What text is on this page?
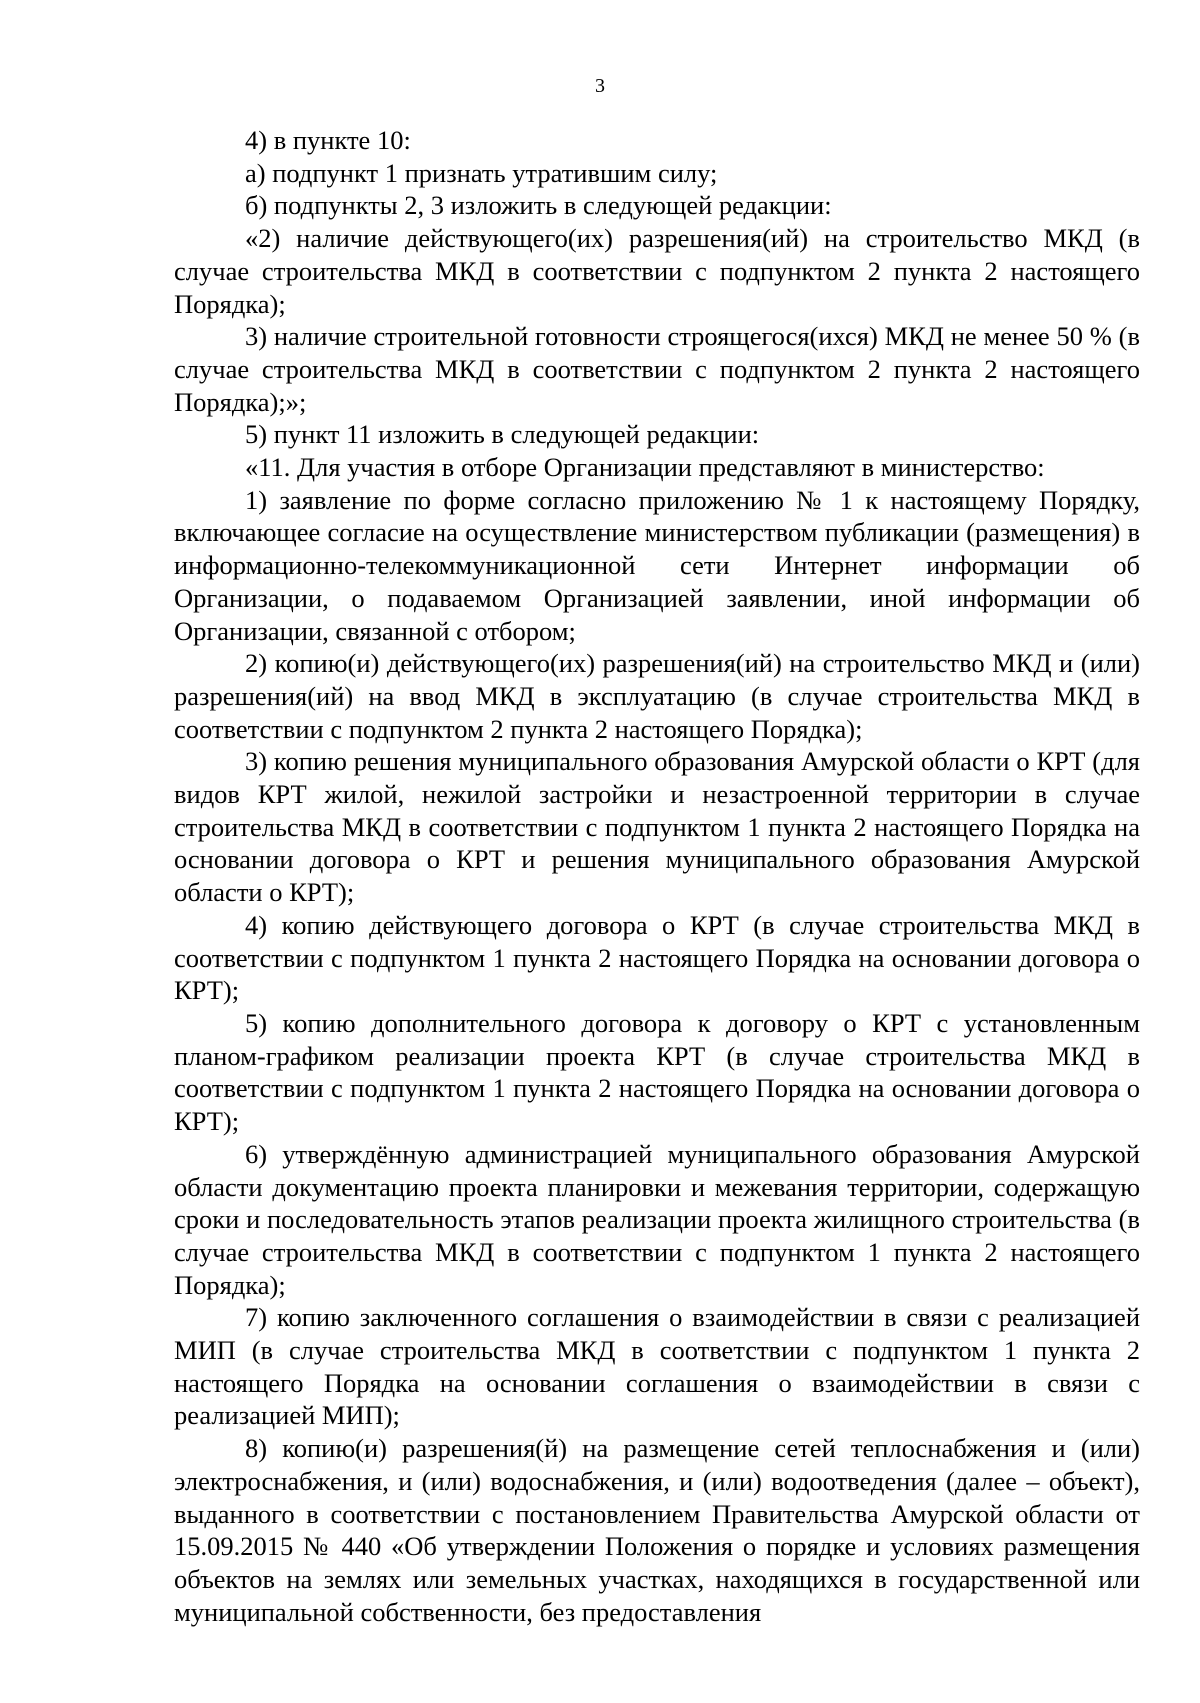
3

4) в пункте 10:

а) подпункт 1 признать утратившим силу;

б) подпункты 2, 3 изложить в следующей редакции:

«2) наличие действующего(их) разрешения(ий) на строительство МКД (в случае строительства МКД в соответствии с подпунктом 2 пункта 2 настоящего Порядка);

3) наличие строительной готовности строящегося(ихся) МКД не менее 50 % (в случае строительства МКД в соответствии с подпунктом 2 пункта 2 настоящего Порядка);»;

5) пункт 11 изложить в следующей редакции:

«11. Для участия в отборе Организации представляют в министерство:

1) заявление по форме согласно приложению № 1 к настоящему Порядку, включающее согласие на осуществление министерством публикации (размещения) в информационно-телекоммуникационной сети Интернет информации об Организации, о подаваемом Организацией заявлении, иной информации об Организации, связанной с отбором;

2) копию(и) действующего(их) разрешения(ий) на строительство МКД и (или) разрешения(ий) на ввод МКД в эксплуатацию (в случае строительства МКД в соответствии с подпунктом 2 пункта 2 настоящего Порядка);

3) копию решения муниципального образования Амурской области о КРТ (для видов КРТ жилой, нежилой застройки и незастроенной территории в случае строительства МКД в соответствии с подпунктом 1 пункта 2 настоящего Порядка на основании договора о КРТ и решения муниципального образования Амурской области о КРТ);

4) копию действующего договора о КРТ (в случае строительства МКД в соответствии с подпунктом 1 пункта 2 настоящего Порядка на основании договора о КРТ);

5) копию дополнительного договора к договору о КРТ с установленным планом-графиком реализации проекта КРТ (в случае строительства МКД в соответствии с подпунктом 1 пункта 2 настоящего Порядка на основании договора о КРТ);

6) утверждённую администрацией муниципального образования Амурской области документацию проекта планировки и межевания территории, содержащую сроки и последовательность этапов реализации проекта жилищного строительства (в случае строительства МКД в соответствии с подпунктом 1 пункта 2 настоящего Порядка);

7) копию заключенного соглашения о взаимодействии в связи с реализацией МИП (в случае строительства МКД в соответствии с подпунктом 1 пункта 2 настоящего Порядка на основании соглашения о взаимодействии в связи с реализацией МИП);

8) копию(и) разрешения(й) на размещение сетей теплоснабжения и (или) электроснабжения, и (или) водоснабжения, и (или) водоотведения (далее – объект), выданного в соответствии с постановлением Правительства Амурской области от 15.09.2015 № 440 «Об утверждении Положения о порядке и условиях размещения объектов на землях или земельных участках, находящихся в государственной или муниципальной собственности, без предоставления
